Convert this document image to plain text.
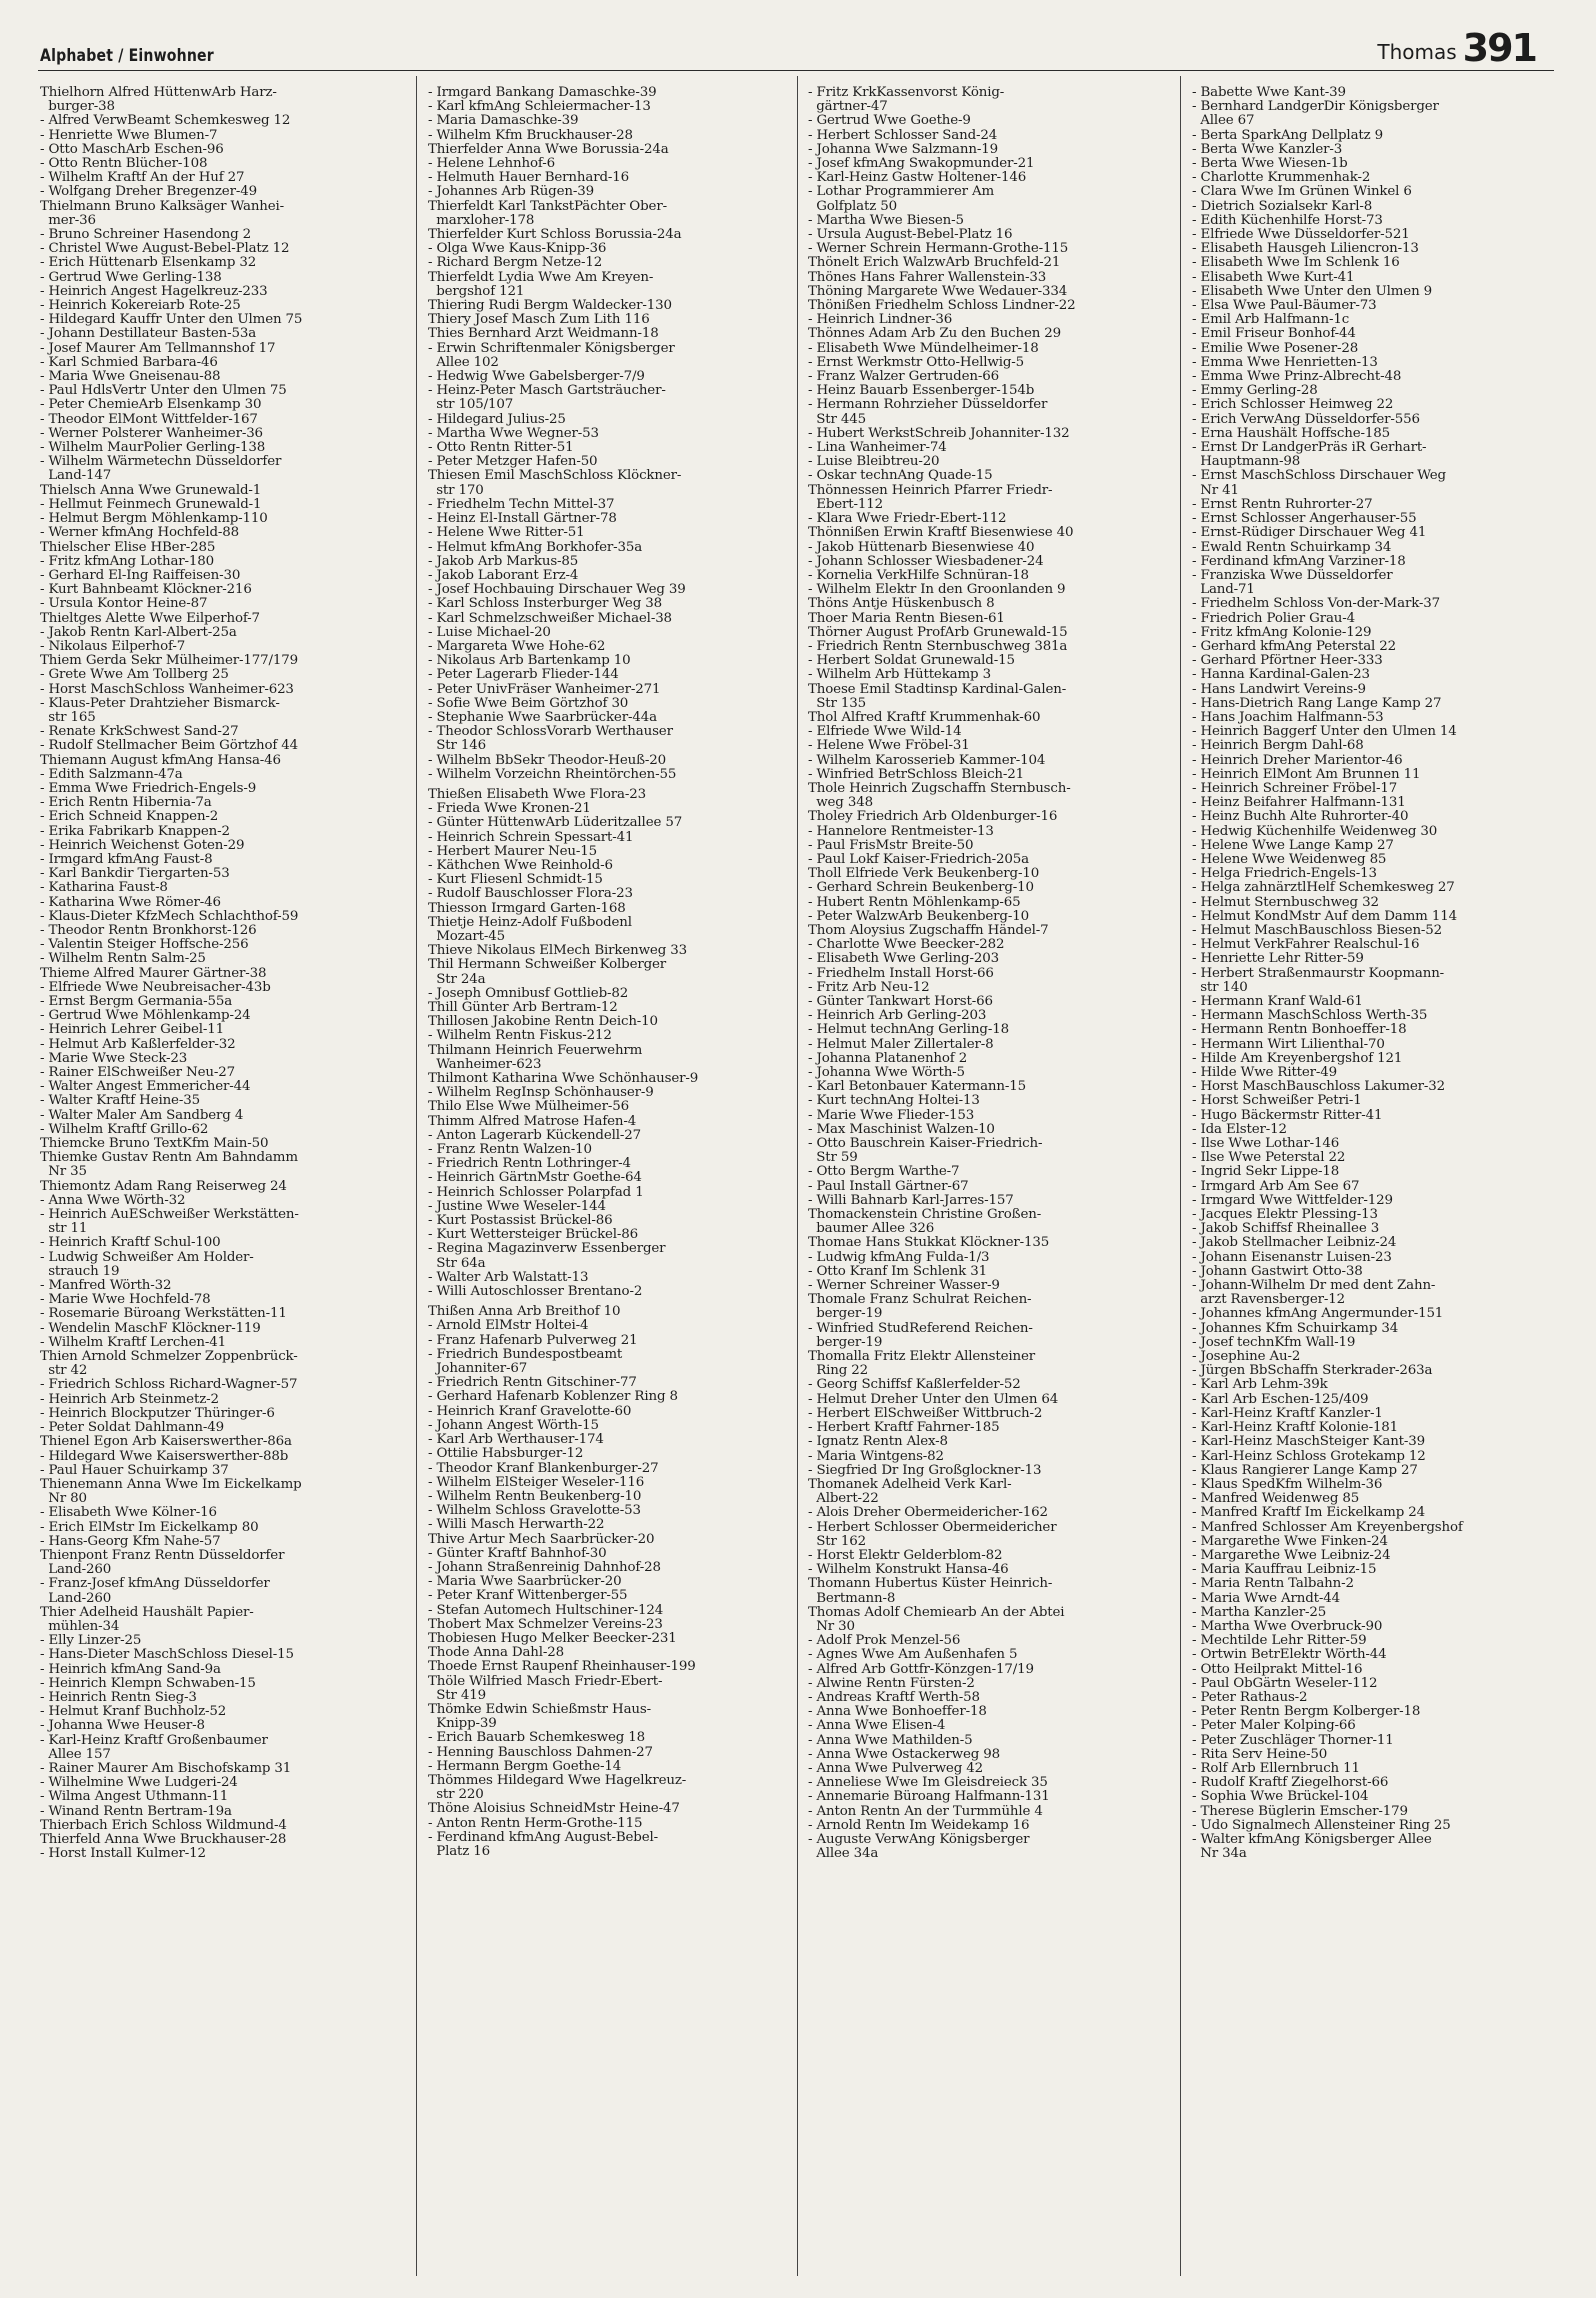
Alphabet / Einwohner	Thomas 391
Thielhorn Alfred HüttenwArb Harz-
burger-38
- Alfred VerwBeamt Schemkesweg 12
- Henriette Wwe Blumen-7
- Otto MaschArb Eschen-96
- Otto Rentn Blücher-108
- Wilhelm Kraftf An der Huf 27
- Wolfgang Dreher Bregenzer-49
Thielmann Bruno Kalksäger Wanhei-
mer-36
- Bruno Schreiner Hasendong 2
- Christel Wwe August-Bebel-Platz 12
- Erich Hüttenarb Elsenkamp 32
- Gertrud Wwe Gerling-138
- Heinrich Angest Hagelkreuz-233
- Heinrich Kokereiarb Rote-25
- Hildegard Kauffr Unter den Ulmen 75
- Johann Destillateur Basten-53a
- Josef Maurer Am Tellmannshof 17
- Karl Schmied Barbara-46
- Maria Wwe Gneisenau-88
- Paul HdlsVertr Unter den Ulmen 75
- Peter ChemieArb Elsenkamp 30
- Theodor ElMont Wittfelder-167
- Werner Polsterer Wanheimer-36
- Wilhelm MaurPolier Gerling-138
- Wilhelm Wärmetechn Düsseldorfer
Land-147
Thielsch Anna Wwe Grunewald-1
- Hellmut Feinmech Grunewald-1
- Helmut Bergm Möhlenkamp-110
- Werner kfmAng Hochfeld-88
Thielscher Elise HBer-285
- Fritz kfmAng Lothar-180
- Gerhard El-Ing Raiffeisen-30
- Kurt Bahnbeamt Klöckner-216
- Ursula Kontor Heine-87
Thieltges Alette Wwe Eilperhof-7
- Jakob Rentn Karl-Albert-25a
- Nikolaus Eilperhof-7
Thiem Gerda Sekr Mülheimer-177/179
- Grete Wwe Am Tollberg 25
- Horst MaschSchloss Wanheimer-623
- Klaus-Peter Drahtzieher Bismarck-
str 165
- Renate KrkSchwest Sand-27
- Rudolf Stellmacher Beim Görtzhof 44
Thiemann August kfmAng Hansa-46
- Edith Salzmann-47a
- Emma Wwe Friedrich-Engels-9
- Erich Rentn Hibernia-7a
- Erich Schneid Knappen-2
- Erika Fabrikarb Knappen-2
- Heinrich Weichenst Goten-29
- Irmgard kfmAng Faust-8
- Karl Bankdir Tiergarten-53
- Katharina Faust-8
- Katharina Wwe Römer-46
- Klaus-Dieter KfzMech Schlachthof-59
- Theodor Rentn Bronkhorst-126
- Valentin Steiger Hoffsche-256
- Wilhelm Rentn Salm-25
Thieme Alfred Maurer Gärtner-38
- Elfriede Wwe Neubreisacher-43b
- Ernst Bergm Germania-55a
- Gertrud Wwe Möhlenkamp-24
- Heinrich Lehrer Geibel-11
- Helmut Arb Kaßlerfelder-32
- Marie Wwe Steck-23
- Rainer ElSchweißer Neu-27
- Walter Angest Emmericher-44
- Walter Kraftf Heine-35
- Walter Maler Am Sandberg 4
- Wilhelm Kraftf Grillo-62
Thiemcke Bruno TextKfm Main-50
Thiemke Gustav Rentn Am Bahndamm
Nr 35
Thiemontz Adam Rang Reiserweg 24
- Anna Wwe Wörth-32
- Heinrich AuESchweißer Werkstätten-
str 11
- Heinrich Kraftf Schul-100
- Ludwig Schweißer Am Holder-
strauch 19
- Manfred Wörth-32
- Marie Wwe Hochfeld-78
- Rosemarie Büroang Werkstätten-11
- Wendelin MaschF Klöckner-119
- Wilhelm Kraftf Lerchen-41
Thien Arnold Schmelzer Zoppenbrück-
str 42
- Friedrich Schloss Richard-Wagner-57
- Heinrich Arb Steinmetz-2
- Heinrich Blockputzer Thüringer-6
- Peter Soldat Dahlmann-49
Thienel Egon Arb Kaiserswerther-86a
- Hildegard Wwe Kaiserswerther-88b
- Paul Hauer Schuirkamp 37
Thienemann Anna Wwe Im Eickelkamp
Nr 80
- Elisabeth Wwe Kölner-16
- Erich ElMstr Im Eickelkamp 80
- Hans-Georg Kfm Nahe-57
Thienpont Franz Rentn Düsseldorfer
Land-260
- Franz-Josef kfmAng Düsseldorfer
Land-260
Thier Adelheid Haushält Papier-
mühlen-34
- Elly Linzer-25
- Hans-Dieter MaschSchloss Diesel-15
- Heinrich kfmAng Sand-9a
- Heinrich Klempn Schwaben-15
- Heinrich Rentn Sieg-3
- Helmut Kranf Buchholz-52
- Johanna Wwe Heuser-8
- Karl-Heinz Kraftf Großenbaumer
Allee 157
- Rainer Maurer Am Bischofskamp 31
- Wilhelmine Wwe Ludgeri-24
- Wilma Angest Uthmann-11
- Winand Rentn Bertram-19a
Thierbach Erich Schloss Wildmund-4
Thierfeld Anna Wwe Bruckhauser-28
- Horst Install Kulmer-12
- Irmgard Bankang Damaschke-39
- Karl kfmAng Schleiermacher-13
- Maria Damaschke-39
- Wilhelm Kfm Bruckhauser-28
Thierfelder Anna Wwe Borussia-24a
- Helene Lehnhof-6
- Helmuth Hauer Bernhard-16
- Johannes Arb Rügen-39
Thierfeldt Karl TankstPächter Ober-
marxloher-178
Thierfelder Kurt Schloss Borussia-24a
- Olga Wwe Kaus-Knipp-36
- Richard Bergm Netze-12
Thierfeldt Lydia Wwe Am Kreyen-
bergshof 121
Thiering Rudi Bergm Waldecker-130
Thiery Josef Masch Zum Lith 116
Thies Bernhard Arzt Weidmann-18
- Erwin Schriftenmaler Königsberger
Allee 102
- Hedwig Wwe Gabelsberger-7/9
- Heinz-Peter Masch Gartsträucher-
str 105/107
- Hildegard Julius-25
- Martha Wwe Wegner-53
- Otto Rentn Ritter-51
- Peter Metzger Hafen-50
Thiesen Emil MaschSchloss Klöckner-
str 170
- Friedhelm Techn Mittel-37
- Heinz El-Install Gärtner-78
- Helene Wwe Ritter-51
- Helmut kfmAng Borkhofer-35a
- Jakob Arb Markus-85
- Jakob Laborant Erz-4
- Josef Hochbauing Dirschauer Weg 39
- Karl Schloss Insterburger Weg 38
- Karl Schmelzschweißer Michael-38
- Luise Michael-20
- Margareta Wwe Hohe-62
- Nikolaus Arb Bartenkamp 10
- Peter Lagerarb Flieder-144
- Peter UnivFräser Wanheimer-271
- Sofie Wwe Beim Görtzhof 30
- Stephanie Wwe Saarbrücker-44a
- Theodor SchlossVorarb Werthauser
Str 146
- Wilhelm BbSekr Theodor-Heuß-20
- Wilhelm Vorzeichn Rheintörchen-55

Thießen Elisabeth Wwe Flora-23
- Frieda Wwe Kronen-21
- Günter HüttenwArb Lüderitzallee 57
- Heinrich Schrein Spessart-41
- Herbert Maurer Neu-15
- Käthchen Wwe Reinhold-6
- Kurt Fliesenl Schmidt-15
- Rudolf Bauschlosser Flora-23
Thiesson Irmgard Garten-168
Thietje Heinz-Adolf Fußbodenl
Mozart-45
Thieve Nikolaus ElMech Birkenweg 33
Thil Hermann Schweißer Kolberger
Str 24a
- Joseph Omnibusf Gottlieb-82
Thill Günter Arb Bertram-12
Thillosen Jakobine Rentn Deich-10
- Wilhelm Rentn Fiskus-212
Thilmann Heinrich Feuerwehrm
Wanheimer-623
Thilmont Katharina Wwe Schönhauser-9
- Wilhelm RegInsp Schönhauser-9
Thilo Else Wwe Mülheimer-56
Thimm Alfred Matrose Hafen-4
- Anton Lagerarb Kückendell-27
- Franz Rentn Walzen-10
- Friedrich Rentn Lothringer-4
- Heinrich GärtnMstr Goethe-64
- Heinrich Schlosser Polarpfad 1
- Justine Wwe Weseler-144
- Kurt Postassist Brückel-86
- Kurt Wettersteiger Brückel-86
- Regina Magazinverw Essenberger
Str 64a
- Walter Arb Walstatt-13
- Willi Autoschlosser Brentano-2

Thißen Anna Arb Breithof 10
- Arnold ElMstr Holtei-4
- Franz Hafenarb Pulverweg 21
- Friedrich Bundespostbeamt
Johanniter-67
- Friedrich Rentn Gitschiner-77
- Gerhard Hafenarb Koblenzer Ring 8
- Heinrich Kranf Gravelotte-60
- Johann Angest Wörth-15
- Karl Arb Werthauser-174
- Ottilie Habsburger-12
- Theodor Kranf Blankenburger-27
- Wilhelm ElSteiger Weseler-116
- Wilhelm Rentn Beukenberg-10
- Wilhelm Schloss Gravelotte-53
- Willi Masch Herwarth-22
Thive Artur Mech Saarbrücker-20
- Günter Kraftf Bahnhof-30
- Johann Straßenreinig Dahnhof-28
- Maria Wwe Saarbrücker-20
- Peter Kranf Wittenberger-55
- Stefan Automech Hultschiner-124
Thobert Max Schmelzer Vereins-23
Thobiesen Hugo Melker Beecker-231
Thode Anna Dahl-28
Thoede Ernst Raupenf Rheinhauser-199
Thöle Wilfried Masch Friedr-Ebert-
Str 419
Thömke Edwin Schießmstr Haus-
Knipp-39
- Erich Bauarb Schemkesweg 18
- Henning Bauschloss Dahmen-27
- Hermann Bergm Goethe-14
Thömmes Hildegard Wwe Hagelkreuz-
str 220
Thöne Aloisius SchneidMstr Heine-47
- Anton Rentn Herm-Grothe-115
- Ferdinand kfmAng August-Bebel-
Platz 16
- Fritz KrkKassenvorst König-
gärtner-47
- Gertrud Wwe Goethe-9
- Herbert Schlosser Sand-24
- Johanna Wwe Salzmann-19
- Josef kfmAng Swakopmunder-21
- Karl-Heinz Gastw Holtener-146
- Lothar Programmierer Am
Golfplatz 50
- Martha Wwe Biesen-5
- Ursula August-Bebel-Platz 16
- Werner Schrein Hermann-Grothe-115
Thönelt Erich WalzwArb Bruchfeld-21
Thönes Hans Fahrer Wallenstein-33
Thöning Margarete Wwe Wedauer-334
Thönißen Friedhelm Schloss Lindner-22
- Heinrich Lindner-36
Thönnes Adam Arb Zu den Buchen 29
- Elisabeth Wwe Mündelheimer-18
- Ernst Werkmstr Otto-Hellwig-5
- Franz Walzer Gertruden-66
- Heinz Bauarb Essenberger-154b
- Hermann Rohrzieher Düsseldorfer
Str 445
- Hubert WerkstSchreib Johanniter-132
- Lina Wanheimer-74
- Luise Bleibtreu-20
- Oskar technAng Quade-15
Thönnessen Heinrich Pfarrer Friedr-
Ebert-112
- Klara Wwe Friedr-Ebert-112
Thönnißen Erwin Kraftf Biesenwiese 40
- Jakob Hüttenarb Biesenwiese 40
- Johann Schlosser Wiesbadener-24
- Kornelia VerkHilfe Schnüran-18
- Wilhelm Elektr In den Groonlanden 9
Thöns Antje Hüskenbusch 8
Thoer Maria Rentn Biesen-61
Thörner August ProfArb Grunewald-15
- Friedrich Rentn Sternbuschweg 381a
- Herbert Soldat Grunewald-15
- Wilhelm Arb Hüttekamp 3
Thoese Emil Stadtinsp Kardinal-Galen-
Str 135
Thol Alfred Kraftf Krummenhak-60
- Elfriede Wwe Wild-14
- Helene Wwe Fröbel-31
- Wilhelm Karosserieb Kammer-104
- Winfried BetrSchloss Bleich-21
Thole Heinrich Zugschaffn Sternbusch-
weg 348
Tholey Friedrich Arb Oldenburger-16
- Hannelore Rentmeister-13
- Paul FrisMstr Breite-50
- Paul Lokf Kaiser-Friedrich-205a
Tholl Elfriede Verk Beukenberg-10
- Gerhard Schrein Beukenberg-10
- Hubert Rentn Möhlenkamp-65
- Peter WalzwArb Beukenberg-10
Thom Aloysius Zugschaffn Händel-7
- Charlotte Wwe Beecker-282
- Elisabeth Wwe Gerling-203
- Friedhelm Install Horst-66
- Fritz Arb Neu-12
- Günter Tankwart Horst-66
- Heinrich Arb Gerling-203
- Helmut technAng Gerling-18
- Helmut Maler Zillertaler-8
- Johanna Platanenhof 2
- Johanna Wwe Wörth-5
- Karl Betonbauer Katermann-15
- Kurt technAng Holtei-13
- Marie Wwe Flieder-153
- Max Maschinist Walzen-10
- Otto Bauschrein Kaiser-Friedrich-
Str 59
- Otto Bergm Warthe-7
- Paul Install Gärtner-67
- Willi Bahnarb Karl-Jarres-157
Thomackenstein Christine Großen-
baumer Allee 326
Thomae Hans Stukkat Klöckner-135
- Ludwig kfmAng Fulda-1/3
- Otto Kranf Im Schlenk 31
- Werner Schreiner Wasser-9
Thomale Franz Schulrat Reichen-
berger-19
- Winfried StudReferend Reichen-
berger-19
Thomalla Fritz Elektr Allensteiner
Ring 22
- Georg Schiffsf Kaßlerfelder-52
- Helmut Dreher Unter den Ulmen 64
- Herbert ElSchweißer Wittbruch-2
- Herbert Kraftf Fahrner-185
- Ignatz Rentn Alex-8
- Maria Wintgens-82
- Siegfried Dr Ing Großglockner-13
Thomanek Adelheid Verk Karl-
Albert-22
- Alois Dreher Obermeidericher-162
- Herbert Schlosser Obermeidericher
Str 162
- Horst Elektr Gelderblom-82
- Wilhelm Konstrukt Hansa-46
Thomann Hubertus Küster Heinrich-
Bertmann-8
Thomas Adolf Chemiearb An der Abtei
Nr 30
- Adolf Prok Menzel-56
- Agnes Wwe Am Außenhafen 5
- Alfred Arb Gottfr-Könzgen-17/19
- Alwine Rentn Fürsten-2
- Andreas Kraftf Werth-58
- Anna Wwe Bonhoeffer-18
- Anna Wwe Elisen-4
- Anna Wwe Mathilden-5
- Anna Wwe Ostackerweg 98
- Anna Wwe Pulverweg 42
- Anneliese Wwe Im Gleisdreieck 35
- Annemarie Büroang Halfmann-131
- Anton Rentn An der Turmmühle 4
- Arnold Rentn Im Weidekamp 16
- Auguste VerwAng Königsberger
Allee 34a
- Babette Wwe Kant-39
- Bernhard LandgerDir Königsberger
Allee 67
- Berta SparkAng Dellplatz 9
- Berta Wwe Kanzler-3
- Berta Wwe Wiesen-1b
- Charlotte Krummenhak-2
- Clara Wwe Im Grünen Winkel 6
- Dietrich Sozialsekr Karl-8
- Edith Küchenhilfe Horst-73
- Elfriede Wwe Düsseldorfer-521
- Elisabeth Hausgeh Liliencron-13
- Elisabeth Wwe Im Schlenk 16
- Elisabeth Wwe Kurt-41
- Elisabeth Wwe Unter den Ulmen 9
- Elsa Wwe Paul-Bäumer-73
- Emil Arb Halfmann-1c
- Emil Friseur Bonhof-44
- Emilie Wwe Posener-28
- Emma Wwe Henrietten-13
- Emma Wwe Prinz-Albrecht-48
- Emmy Gerling-28
- Erich Schlosser Heimweg 22
- Erich VerwAng Düsseldorfer-556
- Erna Haushält Hoffsche-185
- Ernst Dr LandgerPräs iR Gerhart-
Hauptmann-98
- Ernst MaschSchloss Dirschauer Weg
Nr 41
- Ernst Rentn Ruhrorter-27
- Ernst Schlosser Angerhauser-55
- Ernst-Rüdiger Dirschauer Weg 41
- Ewald Rentn Schuirkamp 34
- Ferdinand kfmAng Varziner-18
- Franziska Wwe Düsseldorfer
Land-71
- Friedhelm Schloss Von-der-Mark-37
- Friedrich Polier Grau-4
- Fritz kfmAng Kolonie-129
- Gerhard kfmAng Peterstal 22
- Gerhard Pförtner Heer-333
- Hanna Kardinal-Galen-23
- Hans Landwirt Vereins-9
- Hans-Dietrich Rang Lange Kamp 27
- Hans Joachim Halfmann-53
- Heinrich Baggerf Unter den Ulmen 14
- Heinrich Bergm Dahl-68
- Heinrich Dreher Marientor-46
- Heinrich ElMont Am Brunnen 11
- Heinrich Schreiner Fröbel-17
- Heinz Beifahrer Halfmann-131
- Heinz Buchh Alte Ruhrorter-40
- Hedwig Küchenhilfe Weidenweg 30
- Helene Wwe Lange Kamp 27
- Helene Wwe Weidenweg 85
- Helga Friedrich-Engels-13
- Helga zahnärztlHelf Schemkesweg 27
- Helmut Sternbuschweg 32
- Helmut KondMstr Auf dem Damm 114
- Helmut MaschBauschloss Biesen-52
- Helmut VerkFahrer Realschul-16
- Henriette Lehr Ritter-59
- Herbert Straßenmaurstr Koopmann-
str 140
- Hermann Kranf Wald-61
- Hermann MaschSchloss Werth-35
- Hermann Rentn Bonhoeffer-18
- Hermann Wirt Lilienthal-70
- Hilde Am Kreyenbergshof 121
- Hilde Wwe Ritter-49
- Horst MaschBauschloss Lakumer-32
- Horst Schweißer Petri-1
- Hugo Bäckermstr Ritter-41
- Ida Elster-12
- Ilse Wwe Lothar-146
- Ilse Wwe Peterstal 22
- Ingrid Sekr Lippe-18
- Irmgard Arb Am See 67
- Irmgard Wwe Wittfelder-129
- Jacques Elektr Plessing-13
- Jakob Schiffsf Rheinallee 3
- Jakob Stellmacher Leibniz-24
- Johann Eisenanstr Luisen-23
- Johann Gastwirt Otto-38
- Johann-Wilhelm Dr med dent Zahn-
arzt Ravensberger-12
- Johannes kfmAng Angermunder-151
- Johannes Kfm Schuirkamp 34
- Josef technKfm Wall-19
- Josephine Au-2
- Jürgen BbSchaffn Sterkrader-263a
- Karl Arb Lehm-39k
- Karl Arb Eschen-125/409
- Karl-Heinz Kraftf Kanzler-1
- Karl-Heinz Kraftf Kolonie-181
- Karl-Heinz MaschSteiger Kant-39
- Karl-Heinz Schloss Grotekamp 12
- Klaus Rangierer Lange Kamp 27
- Klaus SpedKfm Wilhelm-36
- Manfred Weidenweg 85
- Manfred Kraftf Im Eickelkamp 24
- Manfred Schlosser Am Kreyenbergshof
- Margarethe Wwe Finken-24
- Margarethe Wwe Leibniz-24
- Maria Kauffrau Leibniz-15
- Maria Rentn Talbahn-2
- Maria Wwe Arndt-44
- Martha Kanzler-25
- Martha Wwe Overbruck-90
- Mechtilde Lehr Ritter-59
- Ortwin BetrElektr Wörth-44
- Otto Heilprakt Mittel-16
- Paul ObGärtn Weseler-112
- Peter Rathaus-2
- Peter Rentn Bergm Kolberger-18
- Peter Maler Kolping-66
- Peter Zuschläger Thorner-11
- Rita Serv Heine-50
- Rolf Arb Ellernbruch 11
- Rudolf Kraftf Ziegelhorst-66
- Sophia Wwe Brückel-104
- Therese Büglerin Emscher-179
- Udo Signalmech Allensteiner Ring 25
- Walter kfmAng Königsberger Allee
Nr 34a
